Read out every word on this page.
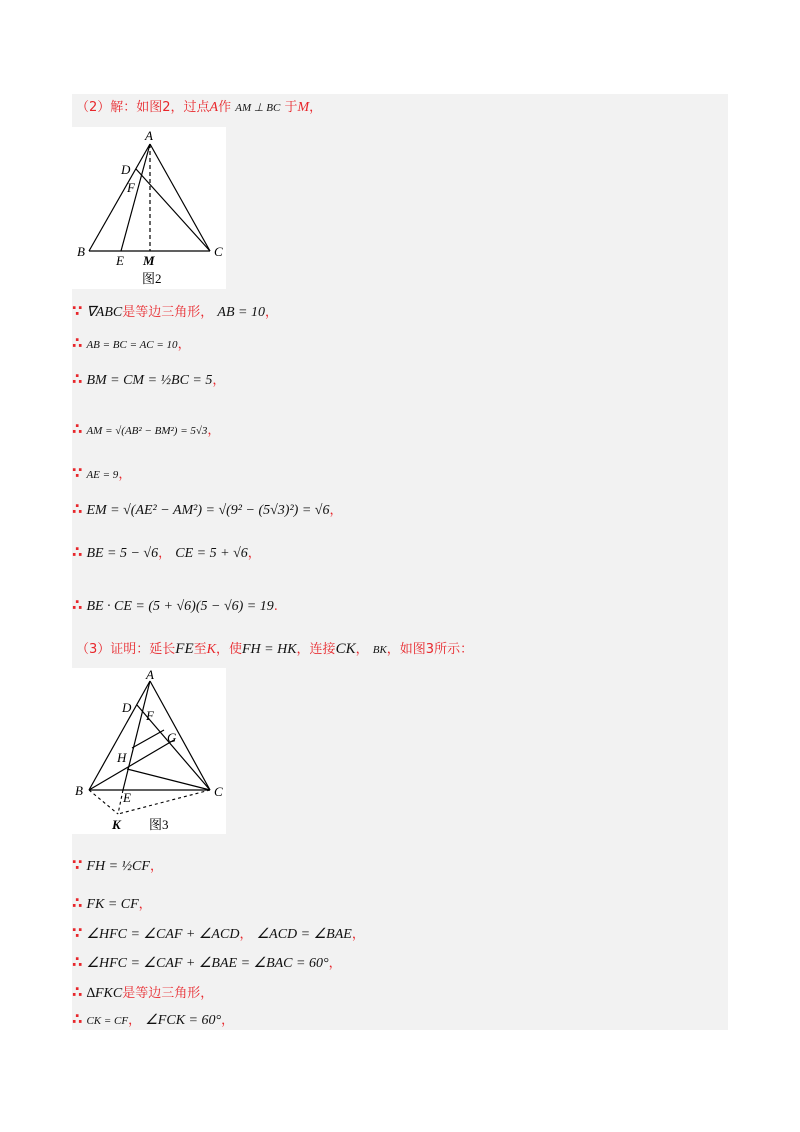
（2）解：如图2，过点A作 AM ⊥ BC 于M，
A
B	C
D
E
F
M
图2
∵ ∇ABC是等边三角形， AB = 10，
∴ AB = BC = AC = 10，
∴ BM = CM = ½BC = 5，
∴ AM = √(AB² − BM²) = 5√3，
∵ AE = 9，
∴ EM = √(AE² − AM²) = √(9² − (5√3)²) = √6，
∴ BE = 5 − √6， CE = 5 + √6，
∴ BE · CE = (5 + √6)(5 − √6) = 19.
（3）证明：延长FE至K，使FH = HK，连接CK， BK，如图3所示：
A
B	C
D
E
F
G
H
K 图3
∵ FH = ½CF，
∴ FK = CF，
∵ ∠HFC = ∠CAF + ∠ACD， ∠ACD = ∠BAE，
∴ ∠HFC = ∠CAF + ∠BAE = ∠BAC = 60°，
∴ ∆FKC是等边三角形，
∴ CK = CF， ∠FCK = 60°，
